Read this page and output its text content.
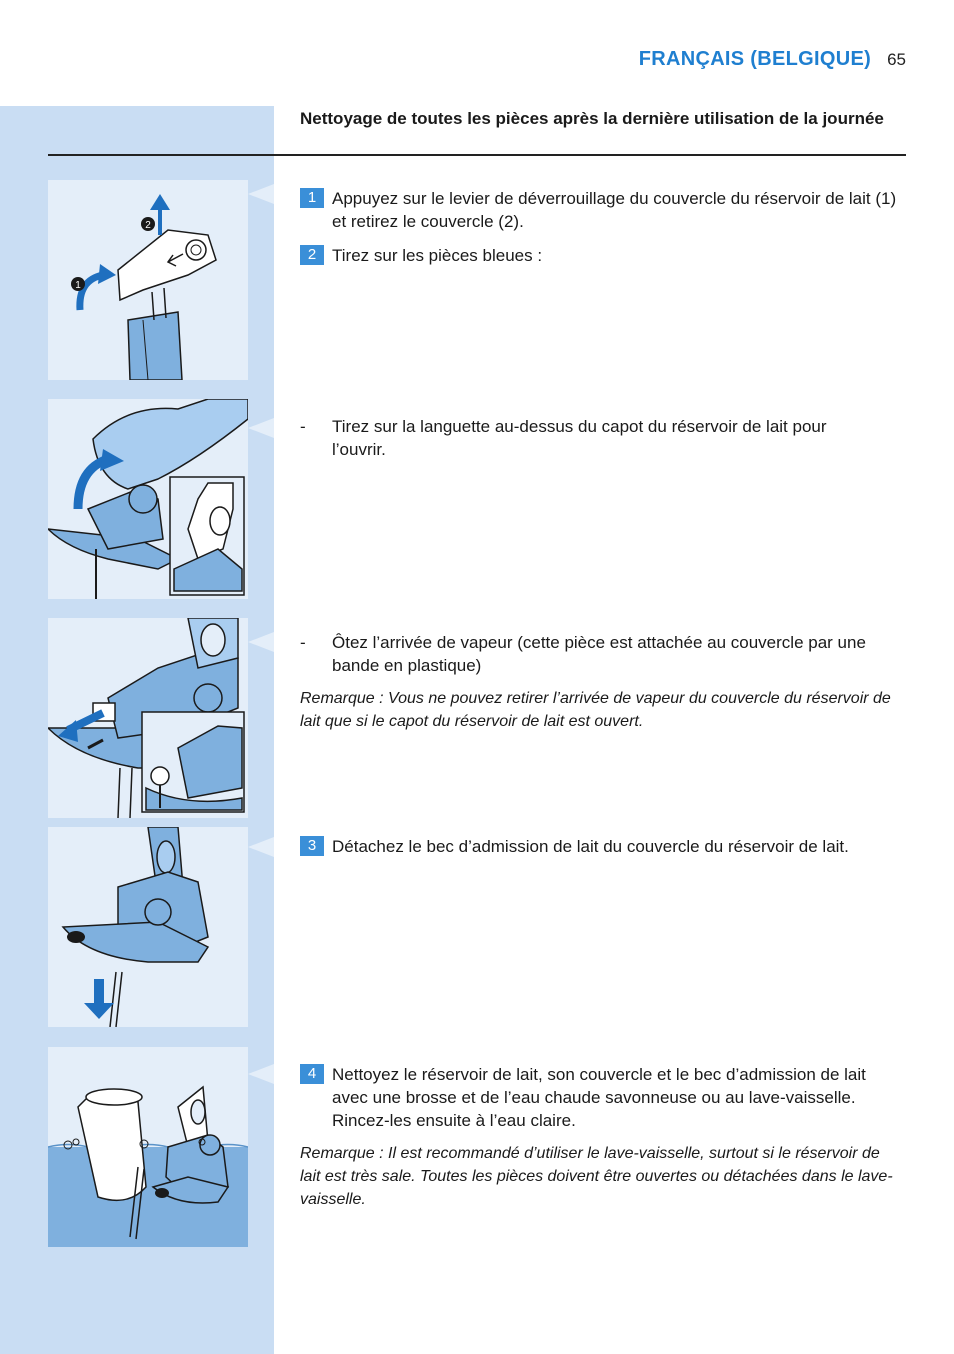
FRANÇAIS (BELGIQUE) 65
Nettoyage de toutes les pièces après la dernière utilisation de la journée
2
1
1 Appuyez sur le levier de déverrouillage du couvercle du réservoir de lait (1) et retirez le couvercle (2).
2 Tirez sur les pièces bleues :
-	Tirez sur la languette au-dessus du capot du réservoir de lait pour l’ouvrir.
-	Ôtez l’arrivée de vapeur (cette pièce est attachée au couvercle par une bande en plastique)
Remarque : Vous ne pouvez retirer l’arrivée de vapeur du couvercle du réservoir de lait que si le capot du réservoir de lait est ouvert.
3 Détachez le bec d’admission de lait du couvercle du réservoir de lait.
4 Nettoyez le réservoir de lait, son couvercle et le bec d’admission de lait avec une brosse et de l’eau chaude savonneuse ou au lave-vaisselle. Rincez-les ensuite à l’eau claire.
Remarque : Il est recommandé d’utiliser le lave-vaisselle, surtout si le réservoir de lait est très sale. Toutes les pièces doivent être ouvertes ou détachées dans le lave-vaisselle.
